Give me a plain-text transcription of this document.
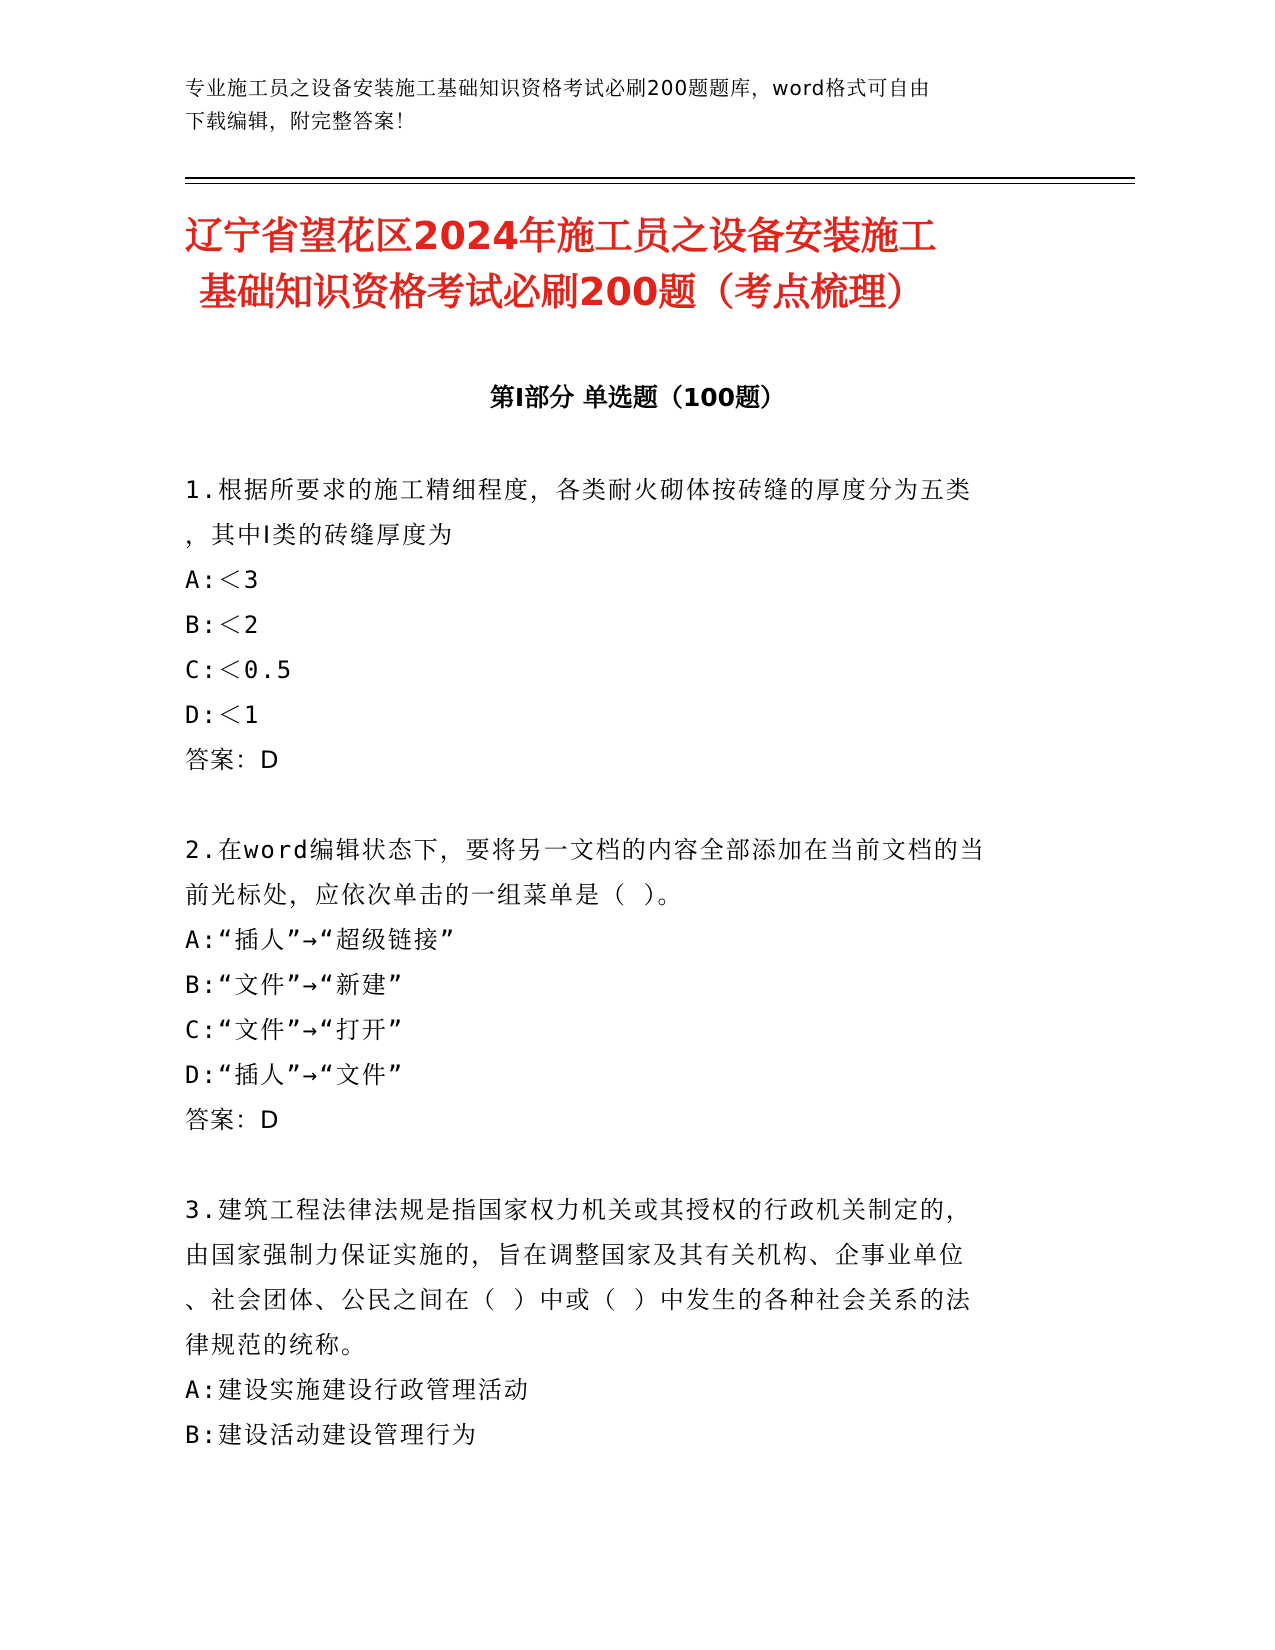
专业施工员之设备安装施工基础知识资格考试必刷200题题库，word格式可自由
下载编辑，附完整答案！
辽宁省望花区2024年施工员之设备安装施工
基础知识资格考试必刷200题（考点梳理）
第I部分 单选题（100题）
1.根据所要求的施工精细程度，各类耐火砌体按砖缝的厚度分为五类
，其中Ⅰ类的砖缝厚度为
A:＜3
B:＜2
C:＜0.5
D:＜1
答案：D
2.在word编辑状态下，要将另一文档的内容全部添加在当前文档的当
前光标处，应依次单击的一组菜单是（ ）。
A:“插人”→“超级链接”
B:“文件”→“新建”
C:“文件”→“打开”
D:“插人”→“文件”
答案：D
3.建筑工程法律法规是指国家权力机关或其授权的行政机关制定的，
由国家强制力保证实施的，旨在调整国家及其有关机构、企事业单位
、社会团体、公民之间在（ ）中或（ ）中发生的各种社会关系的法
律规范的统称。
A:建设实施建设行政管理活动
B:建设活动建设管理行为
